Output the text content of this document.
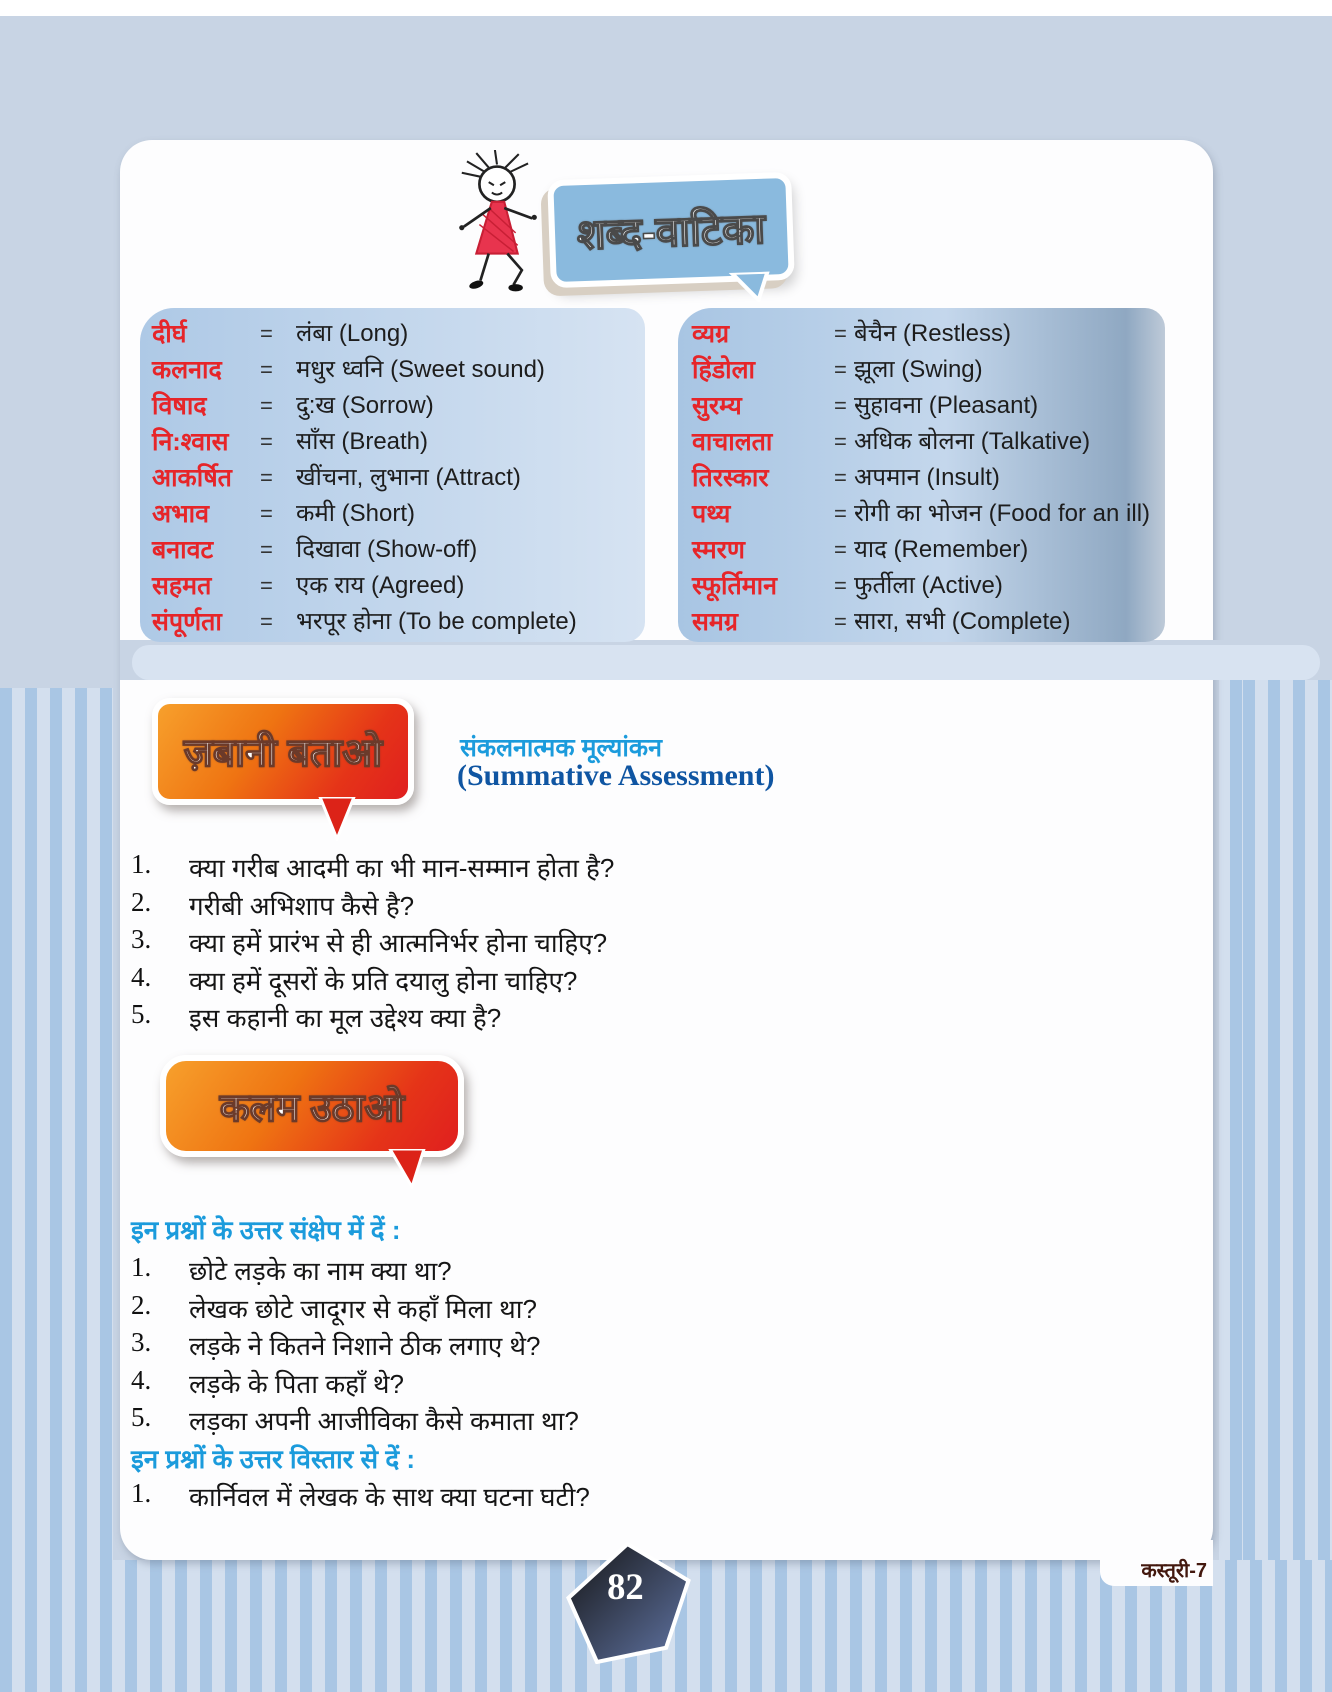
शब्द-वाटिका
दीर्घ	= लंबा (Long)
कलनाद = मधुर ध्वनि (Sweet sound)
विषाद = दु:ख (Sorrow)
नि:श्वास = साँस (Breath)
आकर्षित = खींचना, लुभाना (Attract)
अभाव = कमी (Short)
बनावट = दिखावा (Show-off)
सहमत = एक राय (Agreed)
संपूर्णता = भरपूर होना (To be complete)
व्यग्र	= बेचैन (Restless)
हिंडोला	= झूला (Swing)
सुरम्य	= सुहावना (Pleasant)
वाचालता	= अधिक बोलना (Talkative)
तिरस्कार	= अपमान (Insult)
पथ्य	= रोगी का भोजन (Food for an ill)
स्मरण	= याद (Remember)
स्फूर्तिमान	= फुर्तीला (Active)
समग्र	= सारा, सभी (Complete)
ज़बानी बताओ	संकलनात्मक मूल्यांकन
(Summative Assessment)
1. क्या गरीब आदमी का भी मान-सम्मान होता है?
2. गरीबी अभिशाप कैसे है?
3. क्या हमें प्रारंभ से ही आत्मनिर्भर होना चाहिए?
4. क्या हमें दूसरों के प्रति दयालु होना चाहिए?
5. इस कहानी का मूल उद्देश्य क्या है?
कलम उठाओ
इन प्रश्नों के उत्तर संक्षेप में दें :
1. छोटे लड़के का नाम क्या था?
2. लेखक छोटे जादूगर से कहाँ मिला था?
3. लड़के ने कितने निशाने ठीक लगाए थे?
4. लड़के के पिता कहाँ थे?
5. लड़का अपनी आजीविका कैसे कमाता था?
इन प्रश्नों के उत्तर विस्तार से दें :
1. कार्निवल में लेखक के साथ क्या घटना घटी?
82	कस्तूरी-7
